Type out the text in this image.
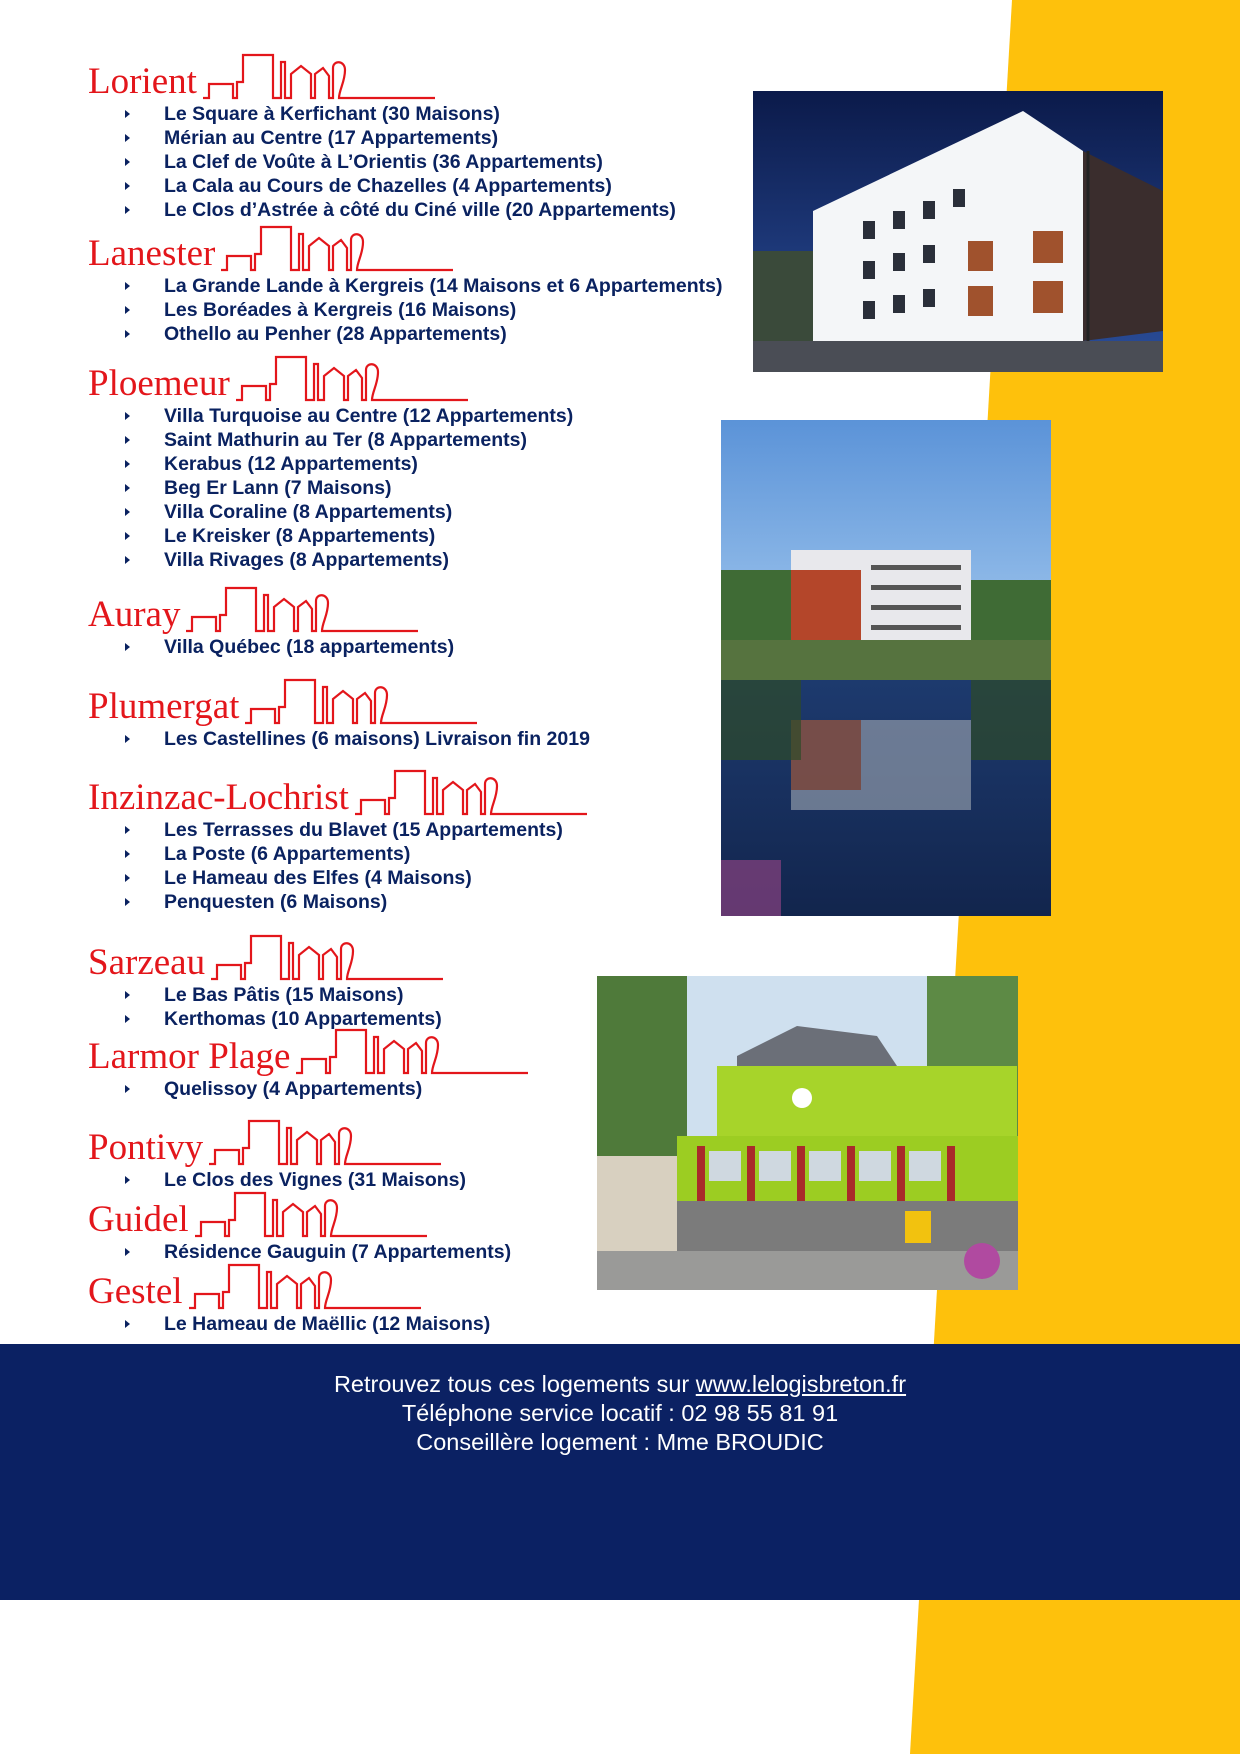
Lorient
Le Square à Kerfichant (30 Maisons)
Mérian au Centre (17 Appartements)
La Clef de Voûte à L’Orientis (36 Appartements)
La Cala au Cours de Chazelles (4 Appartements)
Le Clos d’Astrée à côté du Ciné ville (20 Appartements)
Lanester
La Grande Lande à Kergreis (14 Maisons et 6 Appartements)
Les Boréades à Kergreis (16 Maisons)
Othello au Penher (28 Appartements)
Ploemeur
Villa Turquoise au Centre (12 Appartements)
Saint Mathurin au Ter (8 Appartements)
Kerabus (12 Appartements)
Beg Er Lann (7 Maisons)
Villa Coraline (8 Appartements)
Le Kreisker (8 Appartements)
Villa Rivages (8 Appartements)
Auray
Villa Québec (18 appartements)
Plumergat
Les Castellines (6 maisons) Livraison fin 2019
Inzinzac-Lochrist
Les Terrasses du Blavet (15 Appartements)
La Poste (6 Appartements)
Le Hameau des Elfes (4 Maisons)
Penquesten (6 Maisons)
Sarzeau
Le Bas Pâtis (15 Maisons)
Kerthomas (10 Appartements)
Larmor Plage
Quelissoy (4 Appartements)
Pontivy
Le Clos des Vignes (31 Maisons)
Guidel
Résidence Gauguin (7 Appartements)
Gestel
Le Hameau de Maëllic (12 Maisons)
Retrouvez tous ces logements sur www.lelogisbreton.fr
Téléphone service locatif : 02 98 55 81 91
Conseillère logement : Mme BROUDIC
